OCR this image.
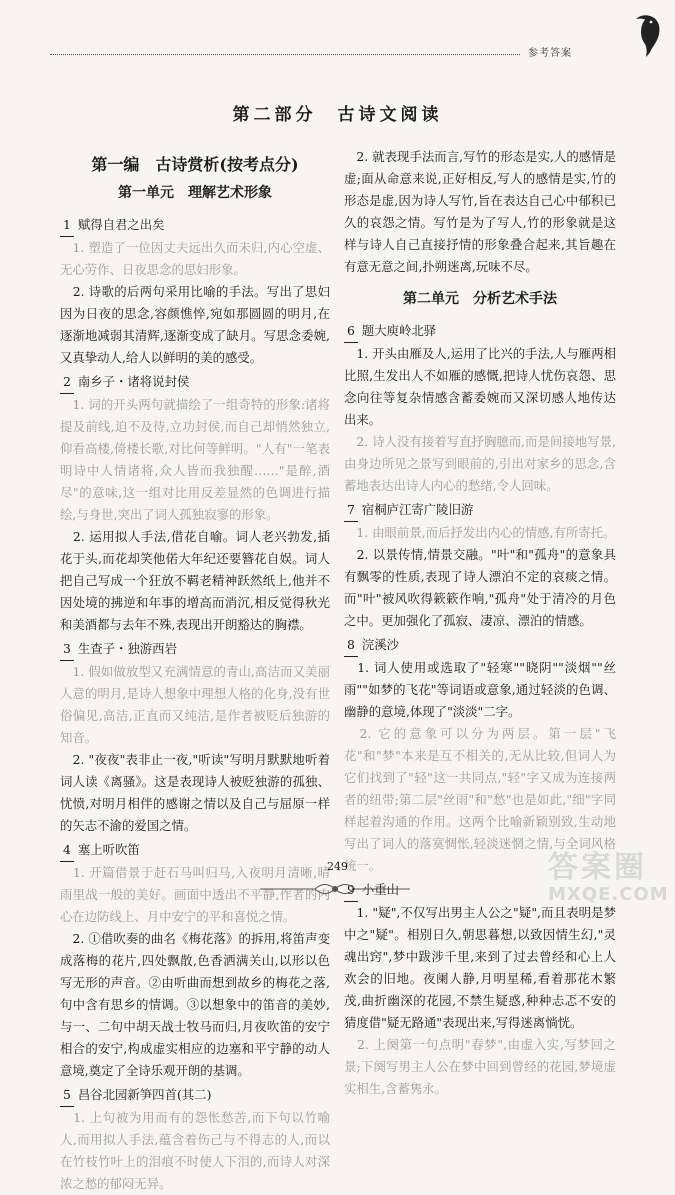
参考答案
第二部分　古诗文阅读
第一编　古诗赏析(按考点分)
第一单元　理解艺术形象
1 赋得自君之出矣

　1. 塑造了一位因丈夫远出久而未归,内心空虚、无心劳作、日夜思念的思妇形象。

　2. 诗歌的后两句采用比喻的手法。写出了思妇因为日夜的思念,容颜憔悴,宛如那圆圆的明月,在逐渐地减弱其清辉,逐渐变成了缺月。写思念委婉,又真挚动人,给人以鲜明的美的感受。

2 南乡子・诸将说封侯

　1. 词的开头两句就描绘了一组奇特的形象:诸将提及前线,迫不及待,立功封侯,而自己却悄然独立,仰看高楼,倚楼长歌,对比何等鲜明。"人有"一笔表明诗中人情诸将,众人皆而我独醒……"是醉,酒尽"的意味,这一组对比用反差显然的色调进行描绘,与身世,突出了词人孤独寂寥的形象。

　2. 运用拟人手法,借花自喻。词人老兴勃发,插花于头,而花却笑他偌大年纪还要簪花自娱。词人把自己写成一个狂放不羁老精神跃然纸上,他并不因处境的拂逆和年事的增高而消沉,相反觉得秋光和美酒都与去年不殊,表现出开朗豁达的胸襟。

3 生查子・独游西岩

　1. 假如做放型又充满情意的青山,高洁而又美丽人意的明月,是诗人想象中理想人格的化身,没有世俗偏见,高洁,正直而又纯洁,是作者被贬后独游的知音。

　2. "夜夜"表非止一夜,"听读"写明月默默地听着词人读《离骚》。这是表现诗人被贬独游的孤独、忧愤,对明月相伴的感谢之情以及自己与屈原一样的矢志不渝的爱国之情。

4 塞上听吹笛

　1. 开篇借景于赶石马叫归马,入夜明月清晰,晴雨里战一般的美好。画面中透出不平静,作者的内心在边防线上、月中安宁的平和喜悦之情。

　2. ①借吹奏的曲名《梅花落》的拆用,将笛声变成落梅的花片,四处飘散,色香洒满关山,以形以色写无形的声音。②由听曲而想到故乡的梅花之落,句中含有思乡的情调。③以想象中的笛音的美妙,与一、二句中胡天战士牧马而归,月夜吹笛的安宁相合的安宁,构成虚实相应的边塞和平宁静的动人意境,奠定了全诗乐观开朗的基调。

5 昌谷北园新笋四首(其二)

　1. 上句被为用而有的怨怅愁苦,而下句以竹喻人,而用拟人手法,蕴含着伤己与不得志的人,而以在竹枝竹叶上的泪痕不时使人下泪的,而诗人对深浓之愁的郁闷无异。

　2. 就表现手法而言,写竹的形态是实,人的感情是虚;面从命意来说,正好相反,写人的感情是实,竹的形态是虚,因为诗人写竹,旨在表达自己心中郁积已久的哀怨之情。写竹是为了写人,竹的形象就是这样与诗人自己直接抒情的形象叠合起来,其旨趣在有意无意之间,扑朔迷离,玩味不尽。

第二单元　分析艺术手法
6 题大庾岭北驿

　1. 开头由雁及人,运用了比兴的手法,人与雁两相比照,生发出人不如雁的感慨,把诗人忧伤哀怨、思念向往等复杂情感含蓄委婉而又深切感人地传达出来。

　2. 诗人没有接着写直抒胸臆而,而是间接地写景,由身边所见之景写到眼前的,引出对家乡的思念,含蓄地表达出诗人内心的愁绪,令人回味。

7 宿桐庐江寄广陵旧游

　1. 由眼前景,而后抒发出内心的情感,有所寄托。

　2. 以景传情,情景交融。"叶"和"孤舟"的意象具有飘零的性质,表现了诗人漂泊不定的哀痰之情。而"叶"被风吹得簌簌作响,"孤舟"处于清冷的月色之中。更加强化了孤寂、凄凉、漂泊的情感。

8 浣溪沙

　1. 词人使用或选取了"轻寒""晓阴""淡烟""丝雨""如梦的飞花"等词语或意象,通过轻淡的色调、幽静的意境,体现了"淡淡"二字。

　2. 它的意象可以分为两层。第一层"飞花"和"梦"本来是互不相关的,无从比较,但词人为它们找到了"轻"这一共同点,"轻"字又成为连接两者的纽带;第二层"丝雨"和"愁"也是如此,"细"字同样起着沟通的作用。这两个比喻新颖别致,生动地写出了词人的落寞惆怅,轻淡迷惘之情,与全词风格统一。

9 小重山

　1. "疑",不仅写出男主人公之"疑",而且表明是梦中之"疑"。相别日久,朝思暮想,以致因情生幻,"灵魂出窍",梦中跋涉千里,来到了过去曾经和心上人欢会的旧地。夜阑人静,月明星稀,看着那花木繁茂,曲折幽深的花园,不禁生疑惑,种种忐忑不安的猜度借"疑无路通"表现出来,写得迷离惝恍。

　2. 上阕第一句点明"春梦",由虚入实,写梦回之景;下阕写男主人公在梦中回到曾经的花园,梦境虚实相生,含蓄隽永。

249	答案圈
MXQE.COM
